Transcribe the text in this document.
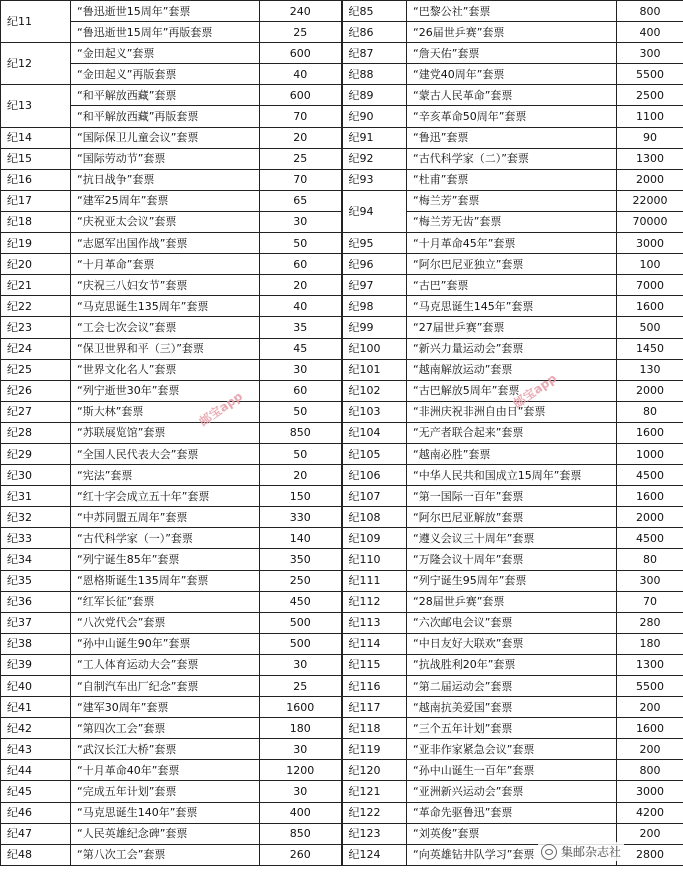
纪11	“鲁迅逝世15周年”套票	240	纪85	“巴黎公社”套票	800
	“鲁迅逝世15周年”再版套票	25	纪86	“26届世乒赛”套票	400
纪12	“金田起义”套票	600	纪87	“詹天佑”套票	300
	“金田起义”再版套票	40	纪88	“建党40周年”套票	5500
纪13	“和平解放西藏”套票	600	纪89	“蒙古人民革命”套票	2500
	“和平解放西藏”再版套票	70	纪90	“辛亥革命50周年”套票	1100
纪14	“国际保卫儿童会议”套票	20	纪91	“鲁迅”套票	90
纪15	“国际劳动节”套票	25	纪92	“古代科学家（二）”套票	1300
纪16	“抗日战争”套票	70	纪93	“杜甫”套票	2000
纪17	“建军25周年”套票	65	纪94	“梅兰芳”套票	22000
纪18	“庆祝亚太会议”套票	30		“梅兰芳无齿”套票	70000
纪19	“志愿军出国作战”套票	50	纪95	“十月革命45年”套票	3000
纪20	“十月革命”套票	60	纪96	“阿尔巴尼亚独立”套票	100
纪21	“庆祝三八妇女节”套票	20	纪97	“古巴”套票	7000
纪22	“马克思诞生135周年”套票	40	纪98	“马克思诞生145年”套票	1600
纪23	“工会七次会议”套票	35	纪99	“27届世乒赛”套票	500
纪24	“保卫世界和平（三）”套票	45	纪100	“新兴力量运动会”套票	1450
纪25	“世界文化名人”套票	30	纪101	“越南解放运动”套票	130
纪26	“列宁逝世30年”套票	60	纪102	“古巴解放5周年”套票	2000
纪27	“斯大林”套票	50	纪103	“非洲庆祝非洲自由日”套票	80
纪28	“苏联展览馆”套票	850	纪104	“无产者联合起来”套票	1600
纪29	“全国人民代表大会”套票	50	纪105	“越南必胜”套票	1000
纪30	“宪法”套票	20	纪106	“中华人民共和国成立15周年”套票	4500
纪31	“红十字会成立五十年”套票	150	纪107	“第一国际一百年”套票	1600
纪32	“中苏同盟五周年”套票	330	纪108	“阿尔巴尼亚解放”套票	2000
纪33	“古代科学家（一）”套票	140	纪109	“遵义会议三十周年”套票	4500
纪34	“列宁诞生85年”套票	350	纪110	“万隆会议十周年”套票	80
纪35	“恩格斯诞生135周年”套票	250	纪111	“列宁诞生95周年”套票	300
纪36	“红军长征”套票	450	纪112	“28届世乒赛”套票	70
纪37	“八次党代会”套票	500	纪113	“六次邮电会议”套票	280
纪38	“孙中山诞生90年”套票	500	纪114	“中日友好大联欢”套票	180
纪39	“工人体育运动大会”套票	30	纪115	“抗战胜利20年”套票	1300
纪40	“自制汽车出厂纪念”套票	25	纪116	“第二届运动会”套票	5500
纪41	“建军30周年”套票	1600	纪117	“越南抗美爱国”套票	200
纪42	“第四次工会”套票	180	纪118	“三个五年计划”套票	1600
纪43	“武汉长江大桥”套票	30	纪119	“亚非作家紧急会议”套票	200
纪44	“十月革命40年”套票	1200	纪120	“孙中山诞生一百年”套票	800
纪45	“完成五年计划”套票	30	纪121	“亚洲新兴运动会”套票	3000
纪46	“马克思诞生140年”套票	400	纪122	“革命先驱鲁迅”套票	4200
纪47	“人民英雄纪念碑”套票	850	纪123	“刘英俊”套票	200
纪48	“第八次工会”套票	260	纪124	“向英雄钻井队学习”套票	2800
邮宝app	邮宝app
集邮杂志社
